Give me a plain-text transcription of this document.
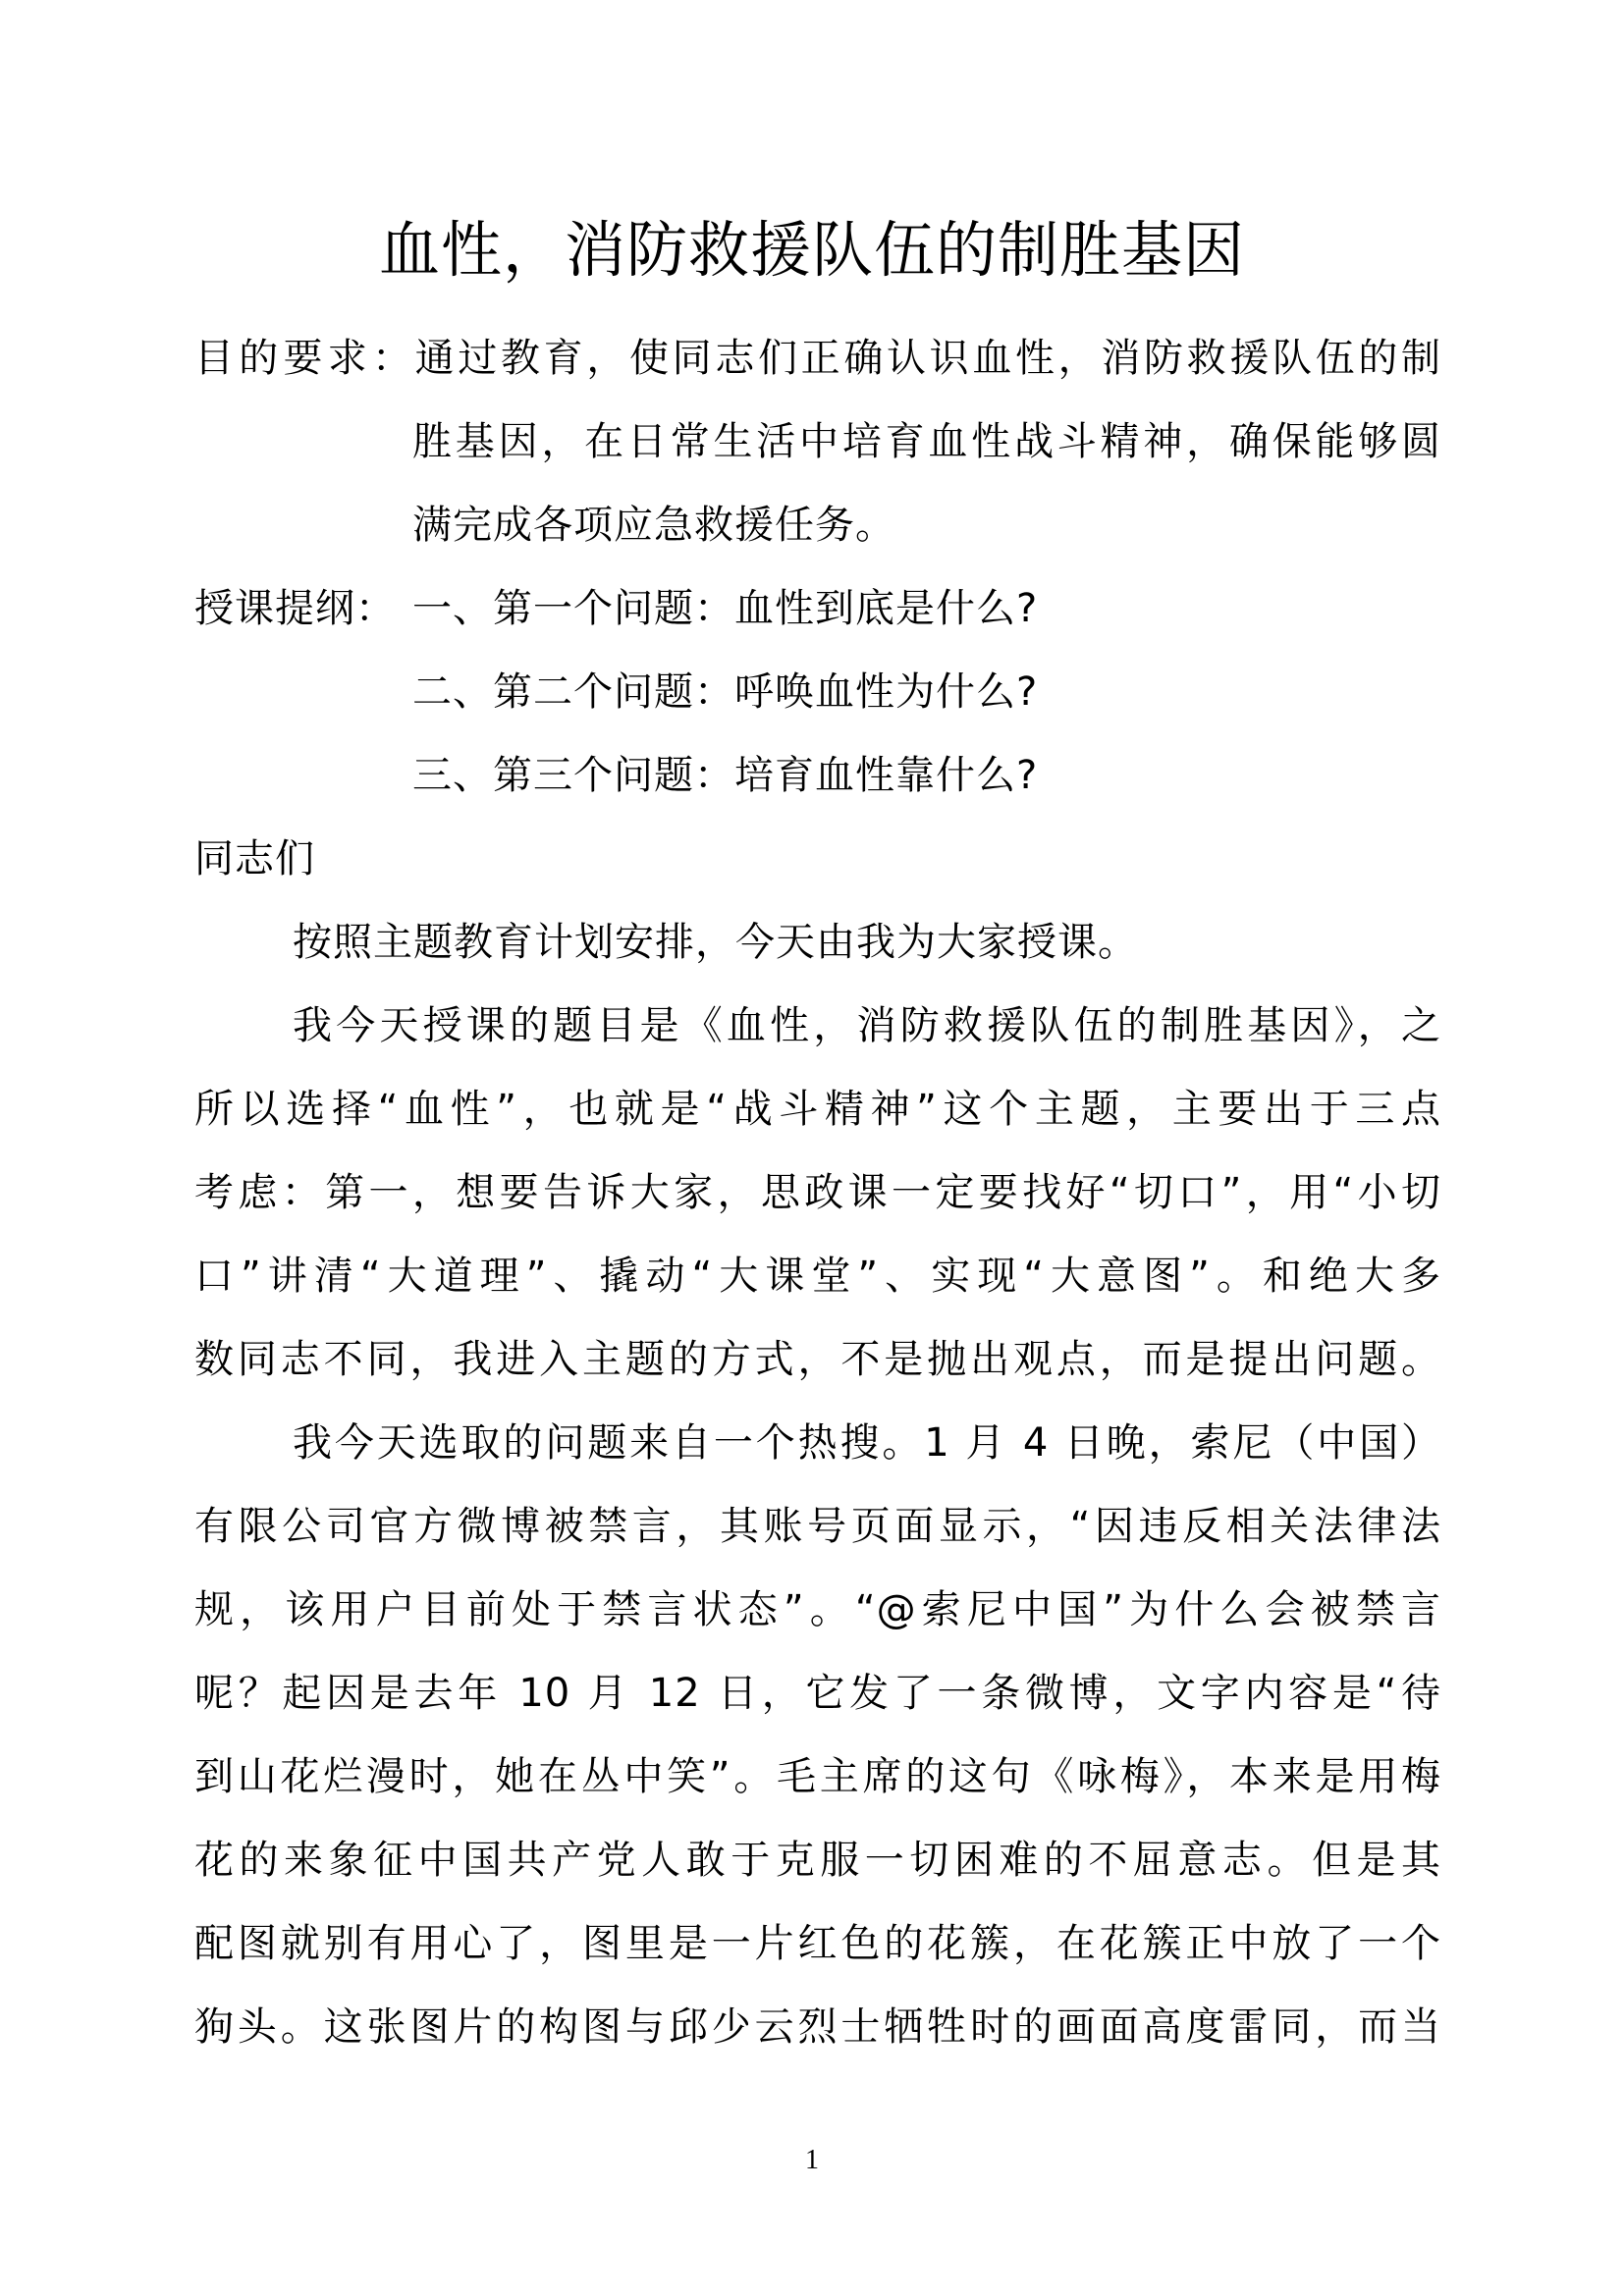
血性，消防救援队伍的制胜基因
目的要求：通过教育，使同志们正确认识血性，消防救援队伍的制
胜基因，在日常生活中培育血性战斗精神，确保能够圆
满完成各项应急救援任务。
授课提纲： 一、第一个问题：血性到底是什么?
二、第二个问题：呼唤血性为什么?
三、第三个问题：培育血性靠什么?
同志们
按照主题教育计划安排，今天由我为大家授课。
我今天授课的题目是《血性，消防救援队伍的制胜基因》，之
所以选择“血性”，也就是“战斗精神”这个主题，主要出于三点
考虑：第一，想要告诉大家，思政课一定要找好“切口”，用“小切
口”讲清“大道理”、撬动“大课堂”、实现“大意图”。和绝大多
数同志不同，我进入主题的方式，不是抛出观点，而是提出问题。
我今天选取的问题来自一个热搜。1 月 4 日晚，索尼（中国）
有限公司官方微博被禁言，其账号页面显示，“因违反相关法律法
规，该用户目前处于禁言状态”。“@索尼中国”为什么会被禁言
呢？起因是去年 10 月 12 日，它发了一条微博，文字内容是“待
到山花烂漫时，她在丛中笑”。毛主席的这句《咏梅》，本来是用梅
花的来象征中国共产党人敢于克服一切困难的不屈意志。但是其
配图就别有用心了，图里是一片红色的花簇，在花簇正中放了一个
狗头。这张图片的构图与邱少云烈士牺牲时的画面高度雷同，而当
1
